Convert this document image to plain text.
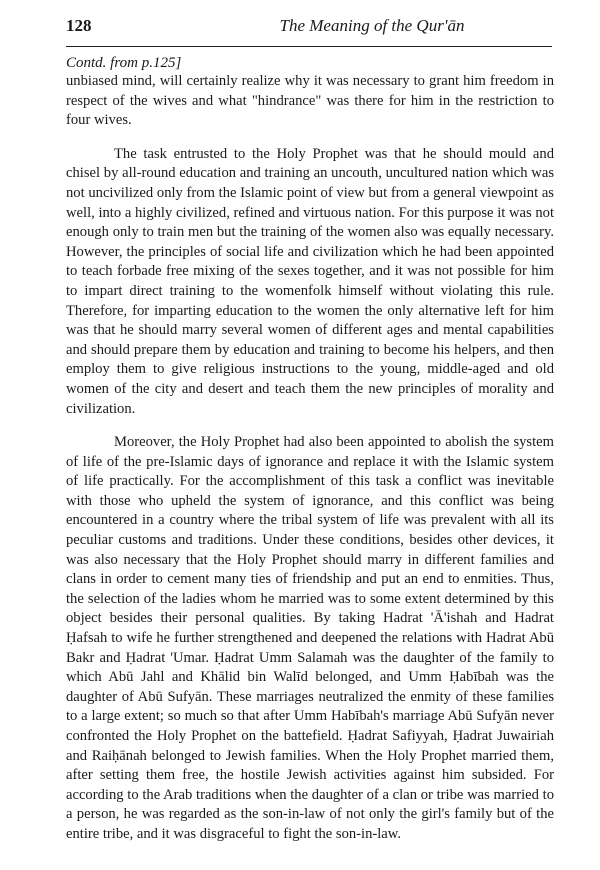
128	The Meaning of the Qur'ān
Contd. from p.125]

unbiased mind, will certainly realize why it was necessary to grant him freedom in respect of the wives and what "hindrance" was there for him in the restriction to four wives.

The task entrusted to the Holy Prophet was that he should mould and chisel by all-round education and training an uncouth, uncultured nation which was not uncivilized only from the Islamic point of view but from a general viewpoint as well, into a highly civilized, refined and virtuous nation. For this purpose it was not enough only to train men but the training of the women also was equally necessary. However, the principles of social life and civilization which he had been appointed to teach forbade free mixing of the sexes together, and it was not possible for him to impart direct training to the womenfolk himself without violating this rule. Therefore, for imparting education to the women the only alternative left for him was that he should marry several women of different ages and mental capabilities and should prepare them by education and training to become his helpers, and then employ them to give religious instructions to the young, middle-aged and old women of the city and desert and teach them the new principles of morality and civilization.

Moreover, the Holy Prophet had also been appointed to abolish the system of life of the pre-Islamic days of ignorance and replace it with the Islamic system of life practically. For the accomplishment of this task a conflict was inevitable with those who upheld the system of ignorance, and this conflict was being encountered in a country where the tribal system of life was prevalent with all its peculiar customs and traditions. Under these conditions, besides other devices, it was also necessary that the Holy Prophet should marry in different families and clans in order to cement many ties of friendship and put an end to enmities. Thus, the selection of the ladies whom he married was to some extent determined by this object besides their personal qualities. By taking Hadrat 'Ā'ishah and Hadrat Ḥafsah to wife he further strengthened and deepened the relations with Hadrat Abū Bakr and Ḥadrat 'Umar. Ḥadrat Umm Salamah was the daughter of the family to which Abū Jahl and Khālid bin Walīd belonged, and Umm Ḥabībah was the daughter of Abū Sufyān. These marriages neutralized the enmity of these families to a large extent; so much so that after Umm Habībah's marriage Abū Sufyān never confronted the Holy Prophet on the battefield. Ḥadrat Safiyyah, Ḥadrat Juwairiah and Raiḥānah belonged to Jewish families. When the Holy Prophet married them, after setting them free, the hostile Jewish activities against him subsided. For according to the Arab traditions when the daughter of a clan or tribe was married to a person, he was regarded as the son-in-law of not only the girl's family but of the entire tribe, and it was disgraceful to fight the son-in-law.
